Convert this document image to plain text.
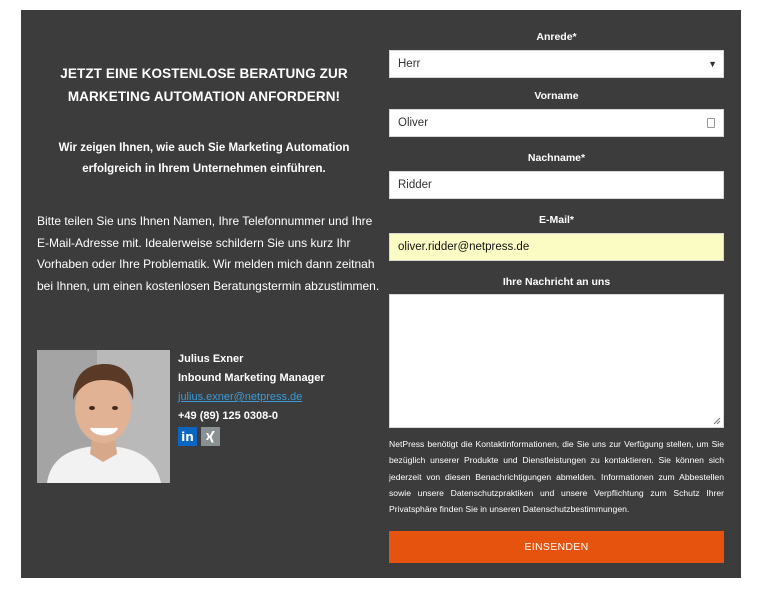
JETZT EINE KOSTENLOSE BERATUNG ZUR MARKETING AUTOMATION ANFORDERN!
Wir zeigen Ihnen, wie auch Sie Marketing Automation erfolgreich in Ihrem Unternehmen einführen.
Bitte teilen Sie uns Ihnen Namen, Ihre Telefonnummer und Ihre E-Mail-Adresse mit. Idealerweise schildern Sie uns kurz Ihr Vorhaben oder Ihre Problematik. Wir melden mich dann zeitnah bei Ihnen, um einen kostenlosen Beratungstermin abzustimmen.
Julius Exner
Inbound Marketing Manager
julius.exner@netpress.de
+49 (89) 125 0308-0
in
Anrede*
Herr	▼
Vorname
Oliver
Nachname*
Ridder
E-Mail*
oliver.ridder@netpress.de
Ihre Nachricht an uns
NetPress benötigt die Kontaktinformationen, die Sie uns zur Verfügung stellen, um Sie bezüglich unserer Produkte und Dienstleistungen zu kontaktieren. Sie können sich jederzeit von diesen Benachrichtigungen abmelden. Informationen zum Abbestellen sowie unsere Datenschutzpraktiken und unsere Verpflichtung zum Schutz Ihrer Privatsphäre finden Sie in unseren Datenschutzbestimmungen.
EINSENDEN
